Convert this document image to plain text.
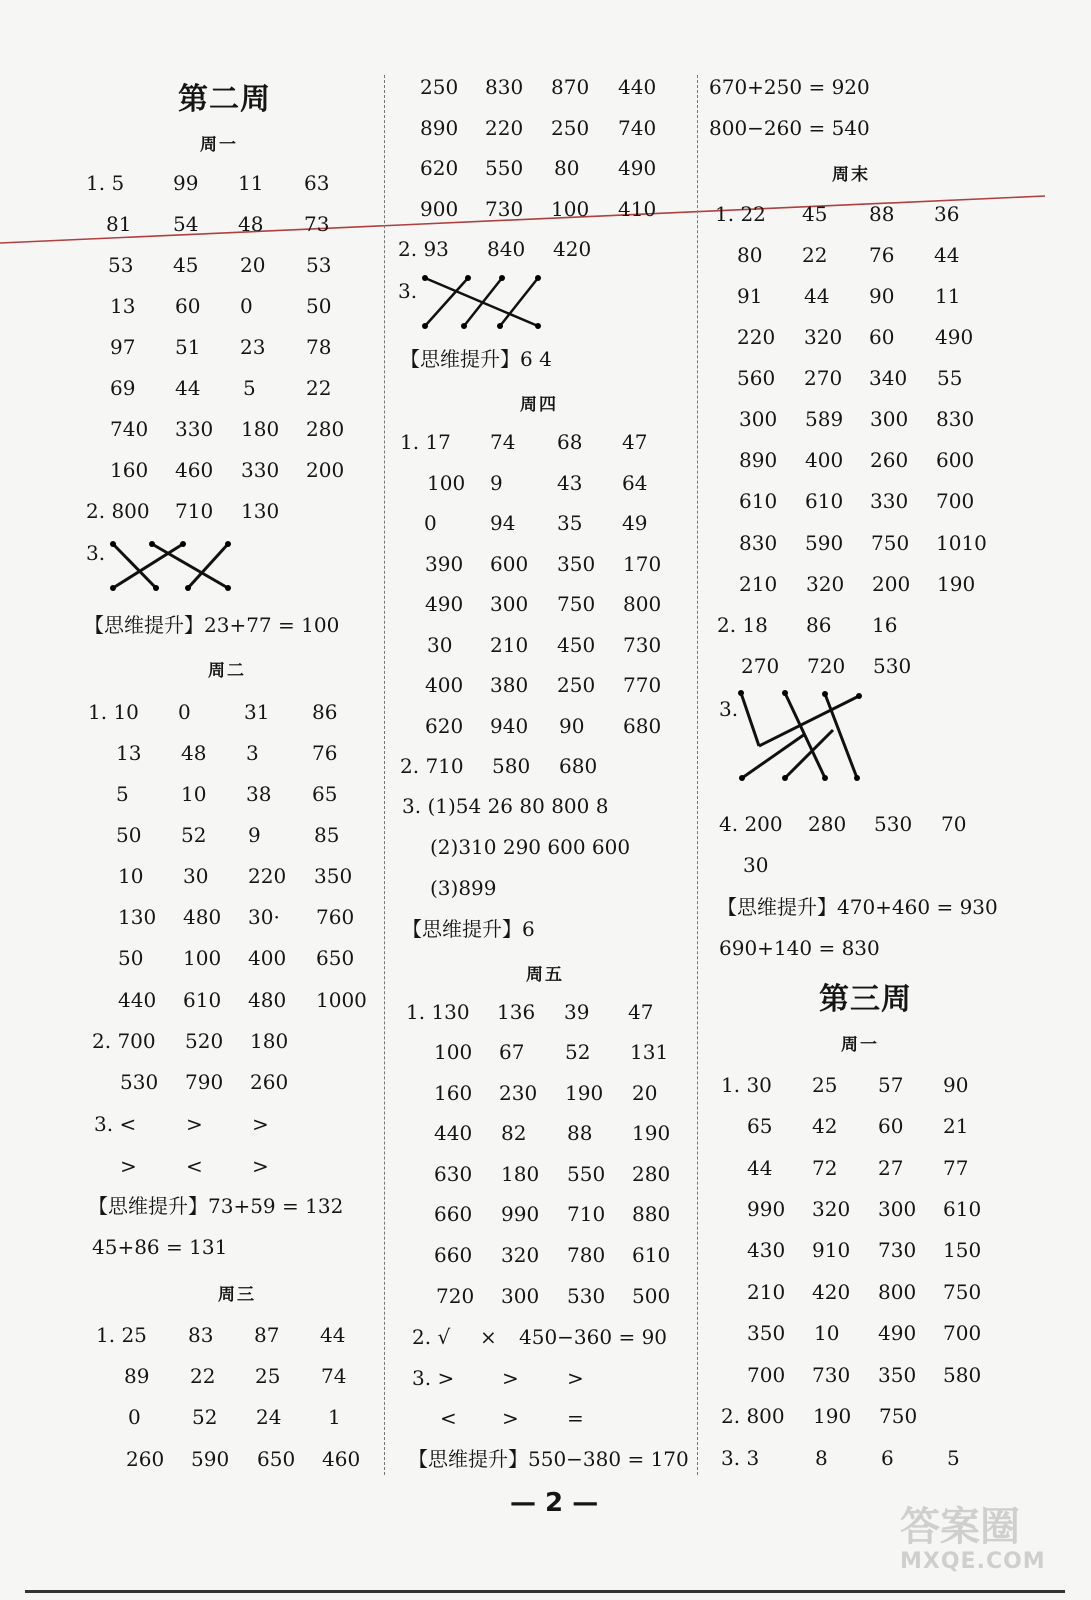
第二周
周一
1. 5 99 11 63
81 54 48 73
53 45 20 53
13 60 0	50
97 51 23 78
69 44 5	22
740 330 180 280
160 460 330 200
2. 800 710 130
3.
【思维提升】23+77 = 100
周二
1. 10 0	31 86
13 48 3	76
5	10 38 65
50 52 9	85
10 30 220 350
130 480 30· 760
50 100 400 650
440 610 480 1000
2. 700 520 180
530 790 260
3. < > >
> < >
【思维提升】73+59 = 132
45+86 = 131
周三
1. 25 83 87 44
89 22 25 74
0	52 24 1
260 590 650 460
250 830 870 440
890 220 250 740
620 550 80 490
900 730 100 410
2. 93 840 420
3.
【思维提升】6 4
周四
1. 17 74 68 47
100 9	43 64
0	94 35 49
390 600 350 170
490 300 750 800
30 210 450 730
400 380 250 770
620 940 90 680
2. 710 580 680
3. (1)54 26 80 800 8
(2)310 290 600 600
(3)899
【思维提升】6
周五
1. 130 136 39 47
100 67 52 131
160 230 190 20
440 82 88 190
630 180 550 280
660 990 710 880
660 320 780 610
720 300 530 500
2. √ × 450−360 = 90
3. > > >
< > =
【思维提升】550−380 = 170
670+250 = 920
800−260 = 540
周末
1. 22 45 88 36
80 22 76 44
91 44 90 11
220 320 60 490
560 270 340 55
300 589 300 830
890 400 260 600
610 610 330 700
830 590 750 1010
210 320 200 190
2. 18 86 16
270 720 530
3.
4. 200 280 530 70
30
【思维提升】470+460 = 930
690+140 = 830
第三周
周一
1. 30 25 57 90
65 42 60 21
44 72 27 77
990 320 300 610
430 910 730 150
210 420 800 750
350 10 490 700
700 730 350 580
2. 800 190 750
3. 3	8	6	5
— 2 —
答案圈
MXQE.COM
